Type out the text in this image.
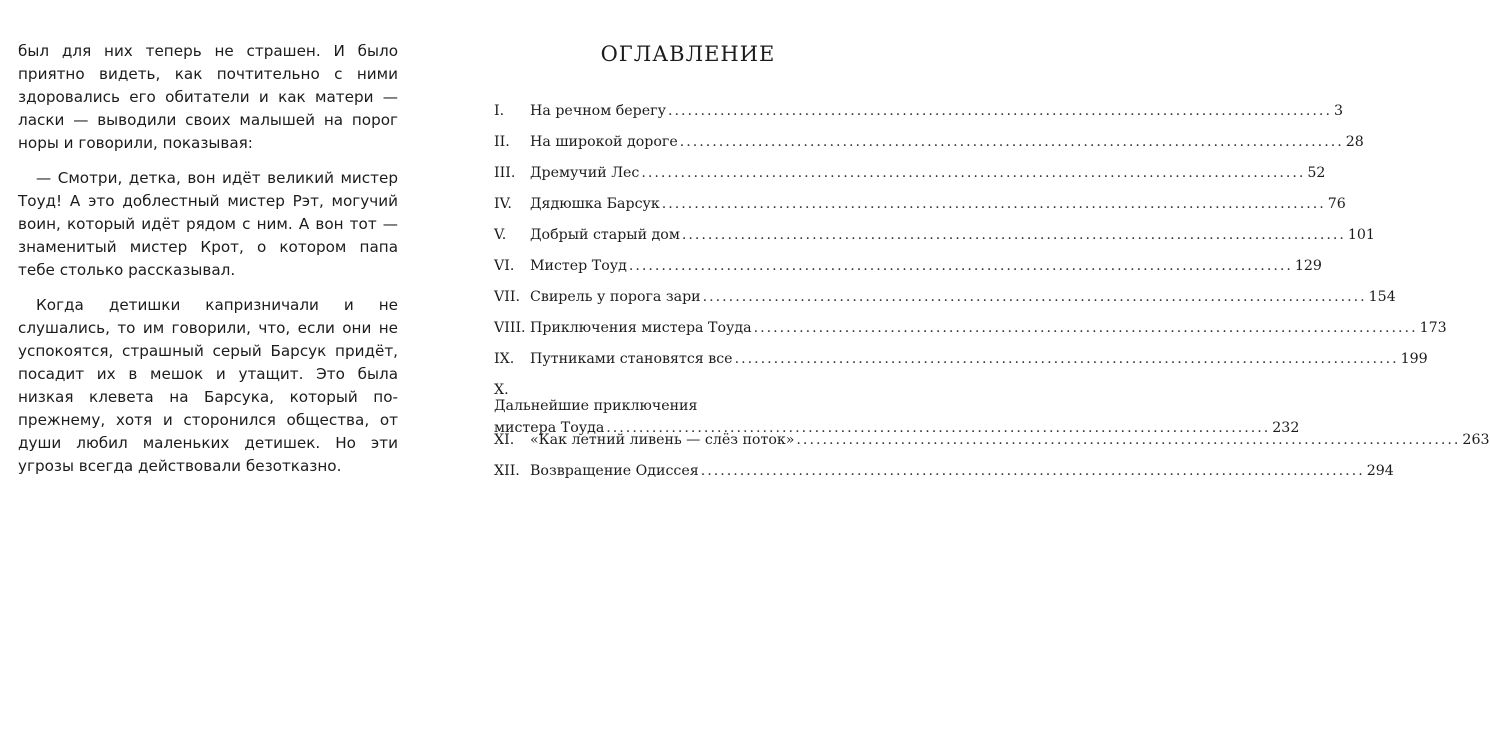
был для них теперь не страшен. И было приятно видеть, как почтительно с ними здоровались его обитатели и как матери — ласки — выводили своих малышей на порог норы и говорили, показывая:

— Смотри, детка, вон идёт великий мистер Тоуд! А это доблестный мистер Рэт, могучий воин, который идёт рядом с ним. А вон тот — знаменитый мистер Крот, о котором папа тебе столько рассказывал.

Когда детишки капризничали и не слушались, то им говорили, что, если они не успокоятся, страшный серый Барсук придёт, посадит их в мешок и утащит. Это была низкая клевета на Барсука, который по-прежнему, хотя и сторонился общества, от души любил маленьких детишек. Но эти угрозы всегда действовали безотказно.

ОГЛАВЛЕНИЕ
I.	На речном берегу .....	3
II.	На широкой дороге .....	28
III.	Дремучий Лес .....	52
IV.	Дядюшка Барсук .....	76
V.	Добрый старый дом .....	101
VI.	Мистер Тоуд .....	129
VII. Свирель у порога зари .....	154
VIII. Приключения мистера Тоуда .....	173
IX.	Путниками становятся все .....	199
X.
Дальнейшие приключения
мистера Тоуда .....	232
XI.	«Как летний ливень — слёз поток» .....	263
XII. Возвращение Одиссея .....	294
